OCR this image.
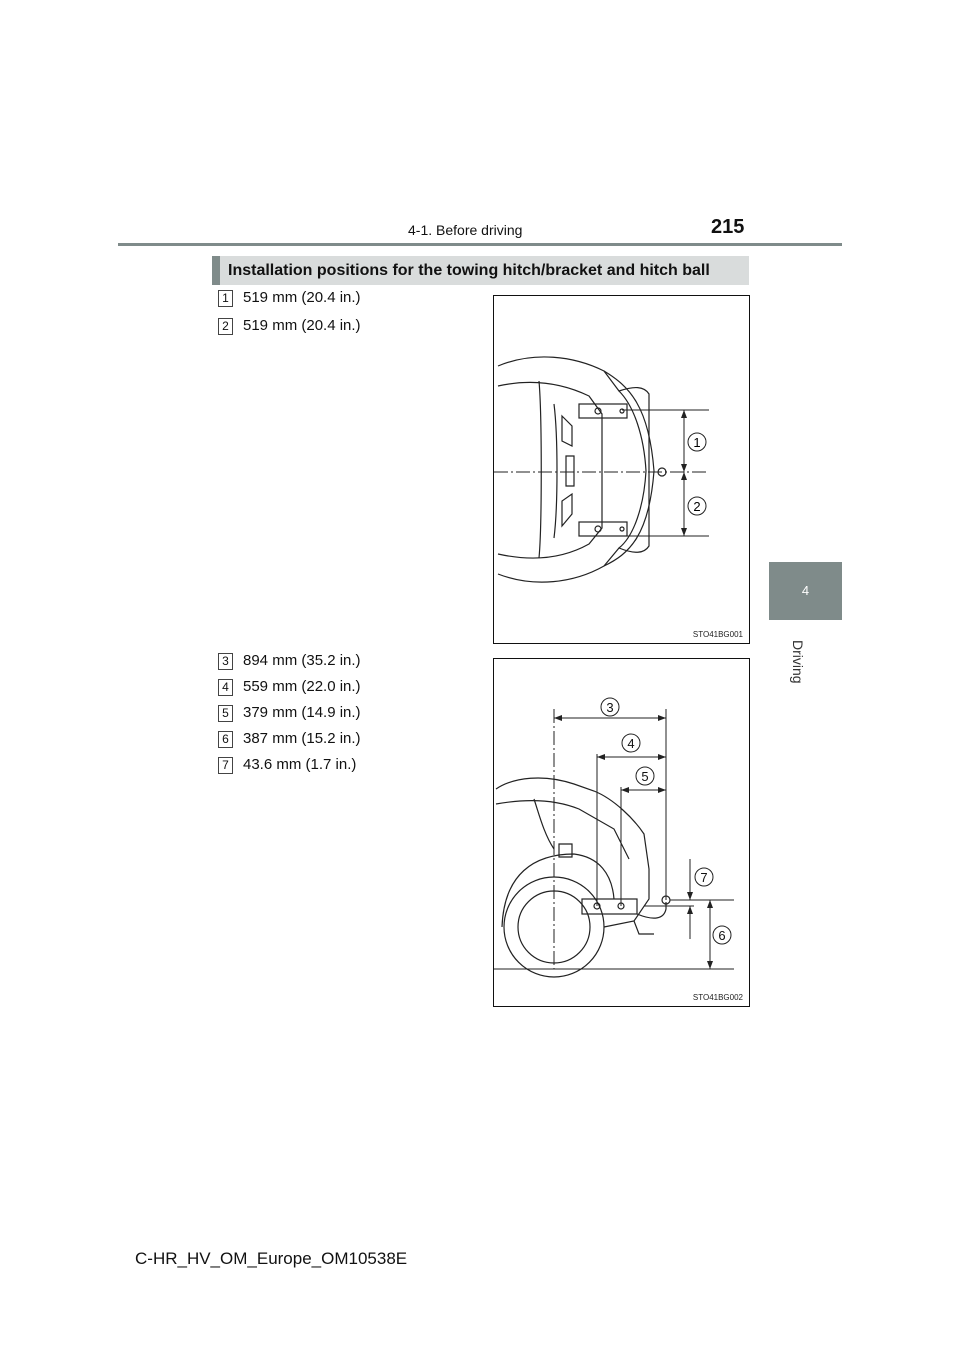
4-1. Before driving	215
4
Driving
Installation positions for the towing hitch/bracket and hitch ball
1 519 mm (20.4 in.)
2 519 mm (20.4 in.)
3 894 mm (35.2 in.)
4 559 mm (22.0 in.)
5 379 mm (14.9 in.)
6 387 mm (15.2 in.)
7 43.6 mm (1.7 in.)
1
2
STO41BG001
3
4
5
7
6
STO41BG002
C-HR_HV_OM_Europe_OM10538E
